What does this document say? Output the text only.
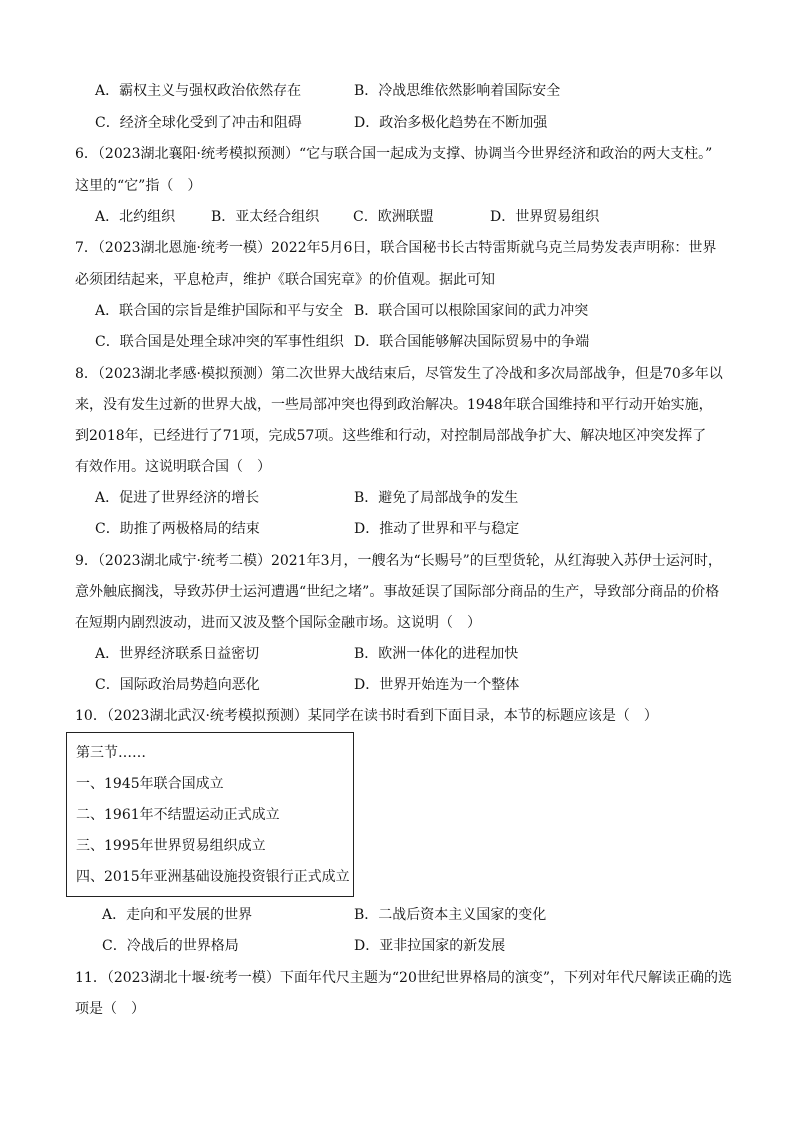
A．霸权主义与强权政治依然存在	B．冷战思维依然影响着国际安全
C．经济全球化受到了冲击和阻碍	D．政治多极化趋势在不断加强
6．（2023湖北襄阳·统考模拟预测）“它与联合国一起成为支撑、协调当今世界经济和政治的两大支柱。”
这里的“它”指（　）
A．北约组织	B．亚太经合组织 C．欧洲联盟	D．世界贸易组织
7．（2023湖北恩施·统考一模）2022年5月6日，联合国秘书长古特雷斯就乌克兰局势发表声明称：世界
必须团结起来，平息枪声，维护《联合国宪章》的价值观。据此可知
A．联合国的宗旨是维护国际和平与安全 B．联合国可以根除国家间的武力冲突
C．联合国是处理全球冲突的军事性组织 D．联合国能够解决国际贸易中的争端
8．（2023湖北孝感·模拟预测）第二次世界大战结束后，尽管发生了冷战和多次局部战争，但是70多年以
来，没有发生过新的世界大战，一些局部冲突也得到政治解决。1948年联合国维持和平行动开始实施，
到2018年，已经进行了71项，完成57项。这些维和行动，对控制局部战争扩大、解决地区冲突发挥了
有效作用。这说明联合国（　）
A．促进了世界经济的增长	B．避免了局部战争的发生
C．助推了两极格局的结束	D．推动了世界和平与稳定
9．（2023湖北咸宁·统考二模）2021年3月，一艘名为“长赐号”的巨型货轮，从红海驶入苏伊士运河时，
意外触底搁浅，导致苏伊士运河遭遇“世纪之堵”。事故延误了国际部分商品的生产，导致部分商品的价格
在短期内剧烈波动，进而又波及整个国际金融市场。这说明（　）
A．世界经济联系日益密切	B．欧洲一体化的进程加快
C．国际政治局势趋向恶化	D．世界开始连为一个整体
10．（2023湖北武汉·统考模拟预测）某同学在读书时看到下面目录，本节的标题应该是（　）
第三节……
一、1945年联合国成立
二、1961年不结盟运动正式成立
三、1995年世界贸易组织成立
四、2015年亚洲基础设施投资银行正式成立
A．走向和平发展的世界	B．二战后资本主义国家的变化
C．冷战后的世界格局	D．亚非拉国家的新发展
11．（2023湖北十堰·统考一模）下面年代尺主题为“20世纪世界格局的演变”，下列对年代尺解读正确的选
项是（　）
